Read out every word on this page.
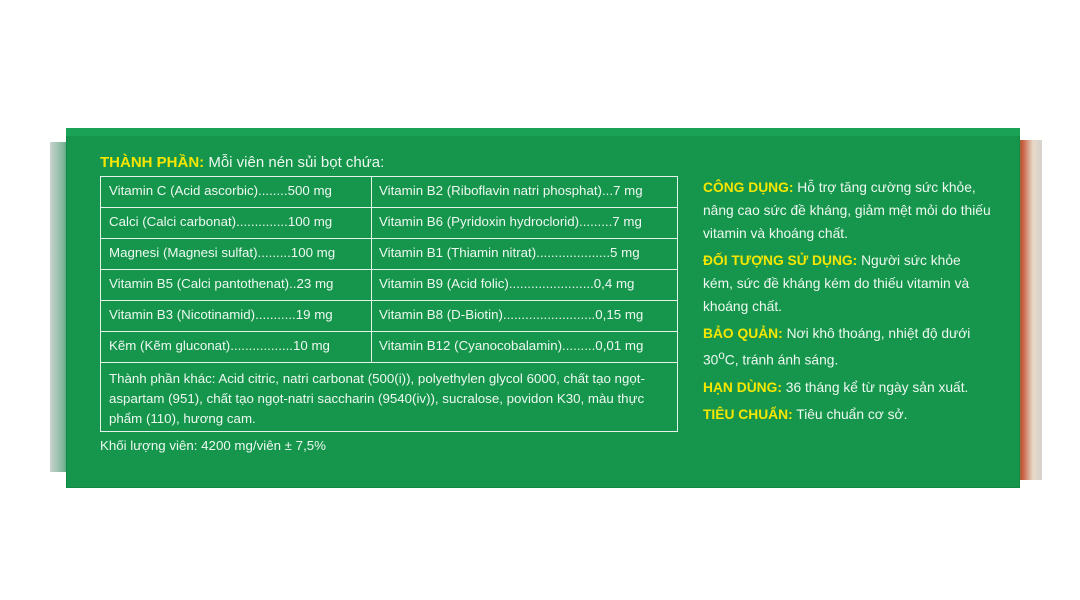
THÀNH PHẦN: Mỗi viên nén sủi bọt chứa:
Vitamin C (Acid ascorbic)........500 mg	Vitamin B2 (Riboflavin natri phosphat)...7 mg
Calci (Calci carbonat)..............100 mg	Vitamin B6 (Pyridoxin hydroclorid).........7 mg
Magnesi (Magnesi sulfat).........100 mg	Vitamin B1 (Thiamin nitrat)....................5 mg
Vitamin B5 (Calci pantothenat)..23 mg	Vitamin B9 (Acid folic).......................0,4 mg
Vitamin B3 (Nicotinamid)...........19 mg	Vitamin B8 (D-Biotin).........................0,15 mg
Kẽm (Kẽm gluconat).................10 mg	Vitamin B12 (Cyanocobalamin).........0,01 mg
Thành phần khác: Acid citric, natri carbonat (500(i)), polyethylen glycol 6000, chất tạo ngọt-aspartam (951), chất tạo ngọt-natri saccharin (9540(iv)), sucralose, povidon K30, màu thực phẩm (110), hương cam.
Khối lượng viên: 4200 mg/viên ± 7,5%
CÔNG DỤNG: Hỗ trợ tăng cường sức khỏe, nâng cao sức đề kháng, giảm mệt mỏi do thiếu vitamin và khoáng chất.
ĐỐI TƯỢNG SỬ DỤNG: Người sức khỏe kém, sức đề kháng kém do thiếu vitamin và khoáng chất.
BẢO QUẢN: Nơi khô thoáng, nhiệt độ dưới 30$^o$C, tránh ánh sáng.
HẠN DÙNG: 36 tháng kể từ ngày sản xuất.
TIÊU CHUẨN: Tiêu chuẩn cơ sở.
